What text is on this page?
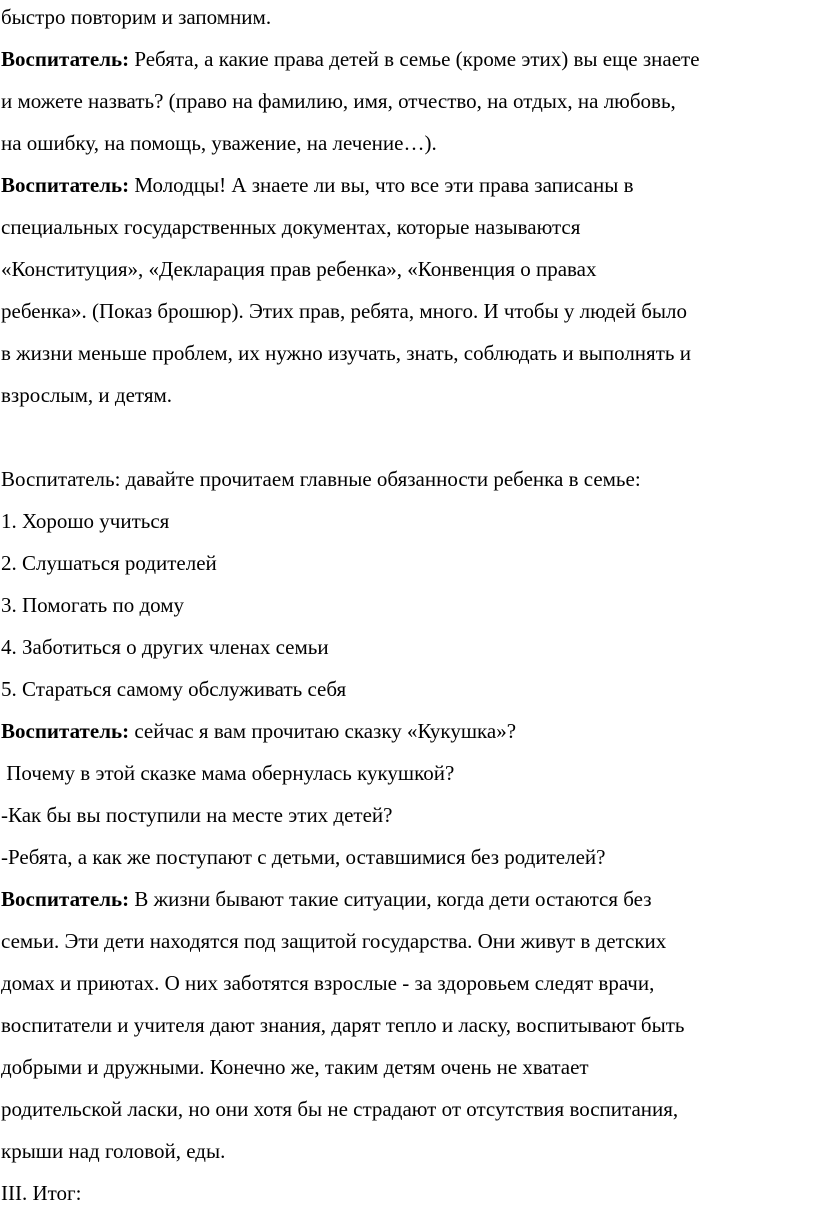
быстро повторим и запомним.
Воспитатель: Ребята, а какие права детей в семье (кроме этих) вы еще знаете
и можете назвать? (право на фамилию, имя, отчество, на отдых, на любовь,
на ошибку, на помощь, уважение, на лечение…).
Воспитатель: Молодцы! А знаете ли вы, что все эти права записаны в
специальных государственных документах, которые называются
«Конституция», «Декларация прав ребенка», «Конвенция о правах
ребенка». (Показ брошюр). Этих прав, ребята, много. И чтобы у людей было
в жизни меньше проблем, их нужно изучать, знать, соблюдать и выполнять и
взрослым, и детям.
Воспитатель: давайте прочитаем главные обязанности ребенка в семье:
1. Хорошо учиться
2. Слушаться родителей
3. Помогать по дому
4. Заботиться о других членах семьи
5. Стараться самому обслуживать себя
Воспитатель: сейчас я вам прочитаю сказку «Кукушка»?
Почему в этой сказке мама обернулась кукушкой?
-Как бы вы поступили на месте этих детей?
-Ребята, а как же поступают с детьми, оставшимися без родителей?
Воспитатель: В жизни бывают такие ситуации, когда дети остаются без
семьи. Эти дети находятся под защитой государства. Они живут в детских
домах и приютах. О них заботятся взрослые - за здоровьем следят врачи,
воспитатели и учителя дают знания, дарят тепло и ласку, воспитывают быть
добрыми и дружными. Конечно же, таким детям очень не хватает
родительской ласки, но они хотя бы не страдают от отсутствия воспитания,
крыши над головой, еды.
III. Итог:
